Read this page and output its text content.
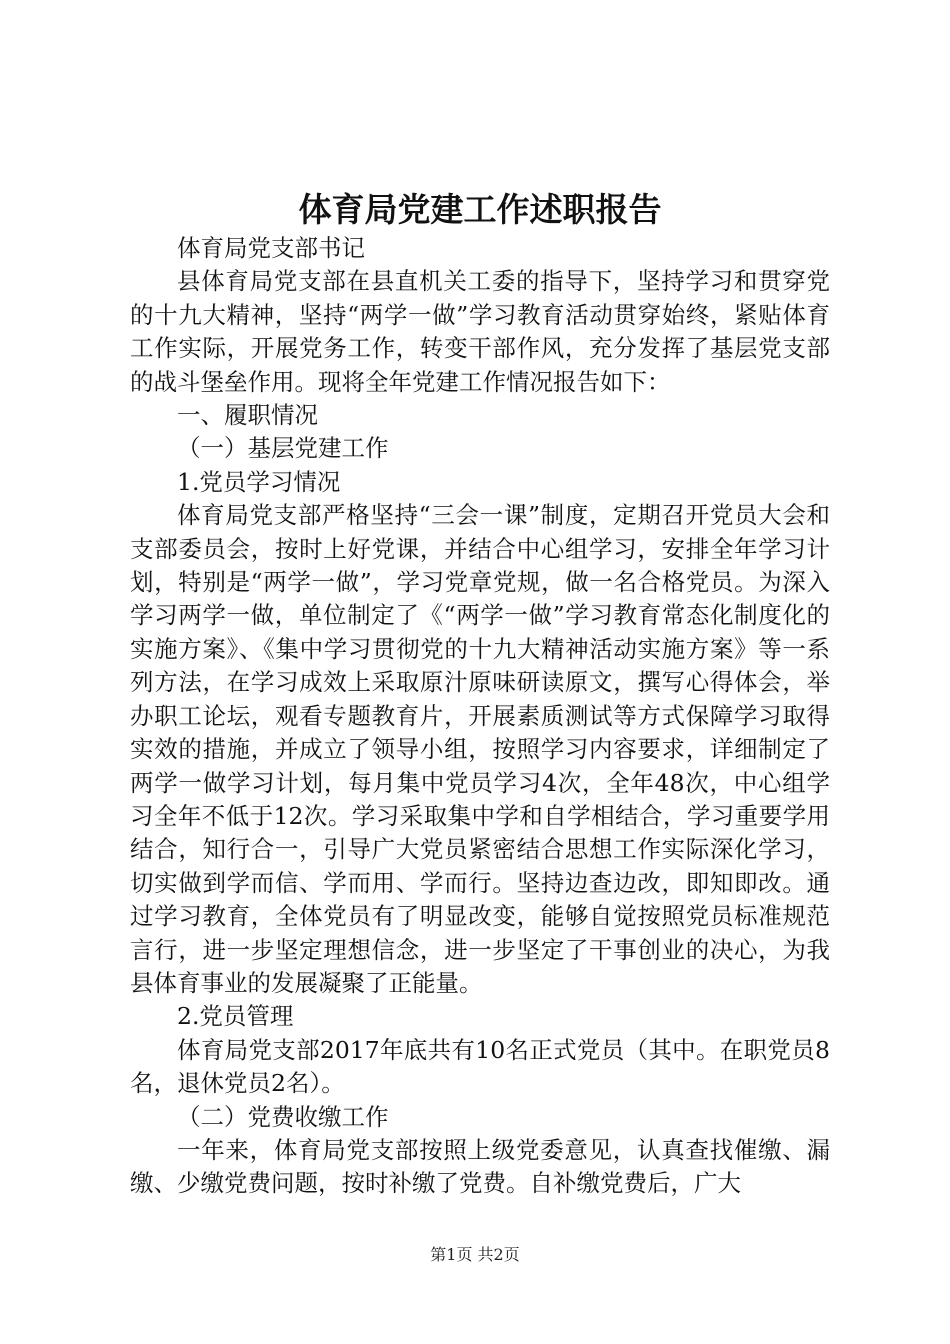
体育局党建工作述职报告

体育局党支部书记

县体育局党支部在县直机关工委的指导下，坚持学习和贯穿党的十九大精神，坚持“两学一做”学习教育活动贯穿始终，紧贴体育工作实际，开展党务工作，转变干部作风，充分发挥了基层党支部的战斗堡垒作用。现将全年党建工作情况报告如下：

一、履职情况

（一）基层党建工作

1.党员学习情况

体育局党支部严格坚持“三会一课”制度，定期召开党员大会和支部委员会，按时上好党课，并结合中心组学习，安排全年学习计划，特别是“两学一做”，学习党章党规，做一名合格党员。为深入学习两学一做，单位制定了《“两学一做”学习教育常态化制度化的实施方案》、《集中学习贯彻党的十九大精神活动实施方案》等一系列方法，在学习成效上采取原汁原味研读原文，撰写心得体会，举办职工论坛，观看专题教育片，开展素质测试等方式保障学习取得实效的措施，并成立了领导小组，按照学习内容要求，详细制定了两学一做学习计划，每月集中党员学习4次，全年48次，中心组学习全年不低于12次。学习采取集中学和自学相结合，学习重要学用结合，知行合一，引导广大党员紧密结合思想工作实际深化学习，切实做到学而信、学而用、学而行。坚持边查边改，即知即改。通过学习教育，全体党员有了明显改变，能够自觉按照党员标准规范言行，进一步坚定理想信念，进一步坚定了干事创业的决心，为我县体育事业的发展凝聚了正能量。

2.党员管理

体育局党支部2017年底共有10名正式党员（其中。在职党员8名，退休党员2名）。

（二）党费收缴工作

一年来，体育局党支部按照上级党委意见，认真查找催缴、漏缴、少缴党费问题，按时补缴了党费。自补缴党费后，广大

第1页 共2页
